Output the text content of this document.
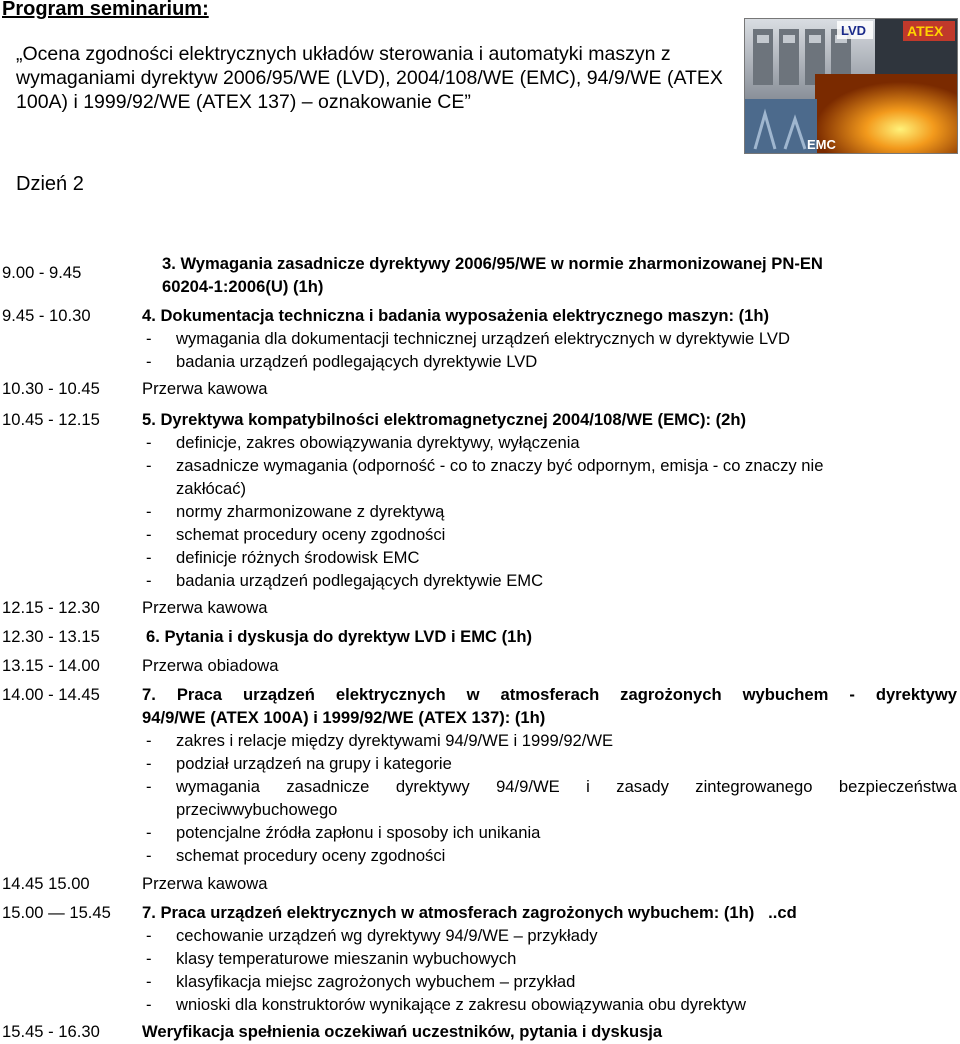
Program seminarium:
„Ocena zgodności elektrycznych układów sterowania i automatyki maszyn z wymaganiami dyrektyw 2006/95/WE (LVD), 2004/108/WE (EMC), 94/9/WE (ATEX 100A) i 1999/92/WE (ATEX 137) – oznakowanie CE”
Dzień 2
LVD	ATEX
EMC
9.00 - 9.45	3. Wymagania zasadnicze dyrektywy 2006/95/WE w normie zharmonizowanej PN-EN
60204-1:2006(U) (1h)
9.45 - 10.30	4. Dokumentacja techniczna i badania wyposażenia elektrycznego maszyn: (1h)
- wymagania dla dokumentacji technicznej urządzeń elektrycznych w dyrektywie LVD
- badania urządzeń podlegających dyrektywie LVD
10.30 - 10.45	Przerwa kawowa
10.45 - 12.15	5. Dyrektywa kompatybilności elektromagnetycznej 2004/108/WE (EMC): (2h)
- definicje, zakres obowiązywania dyrektywy, wyłączenia
- zasadnicze wymagania (odporność - co to znaczy być odpornym, emisja - co znaczy nie
zakłócać)
- normy zharmonizowane z dyrektywą
- schemat procedury oceny zgodności
- definicje różnych środowisk EMC
- badania urządzeń podlegających dyrektywie EMC
12.15 - 12.30	Przerwa kawowa
12.30 - 13.15	6. Pytania i dyskusja do dyrektyw LVD i EMC (1h)
13.15 - 14.00	Przerwa obiadowa
14.00 - 14.45	7. Praca urządzeń elektrycznych w atmosferach zagrożonych wybuchem - dyrektywy
94/9/WE (ATEX 100A) i 1999/92/WE (ATEX 137): (1h)
- zakres i relacje między dyrektywami 94/9/WE i 1999/92/WE
- podział urządzeń na grupy i kategorie
- wymagania zasadnicze dyrektywy 94/9/WE i zasady zintegrowanego bezpieczeństwa
przeciwwybuchowego
- potencjalne źródła zapłonu i sposoby ich unikania
- schemat procedury oceny zgodności
14.45 15.00	Przerwa kawowa
15.00 — 15.45 7. Praca urządzeń elektrycznych w atmosferach zagrożonych wybuchem: (1h)   ..cd
- cechowanie urządzeń wg dyrektywy 94/9/WE – przykłady
- klasy temperaturowe mieszanin wybuchowych
- klasyfikacja miejsc zagrożonych wybuchem – przykład
- wnioski dla konstruktorów wynikające z zakresu obowiązywania obu dyrektyw
15.45 - 16.30	Weryfikacja spełnienia oczekiwań uczestników, pytania i dyskusja
